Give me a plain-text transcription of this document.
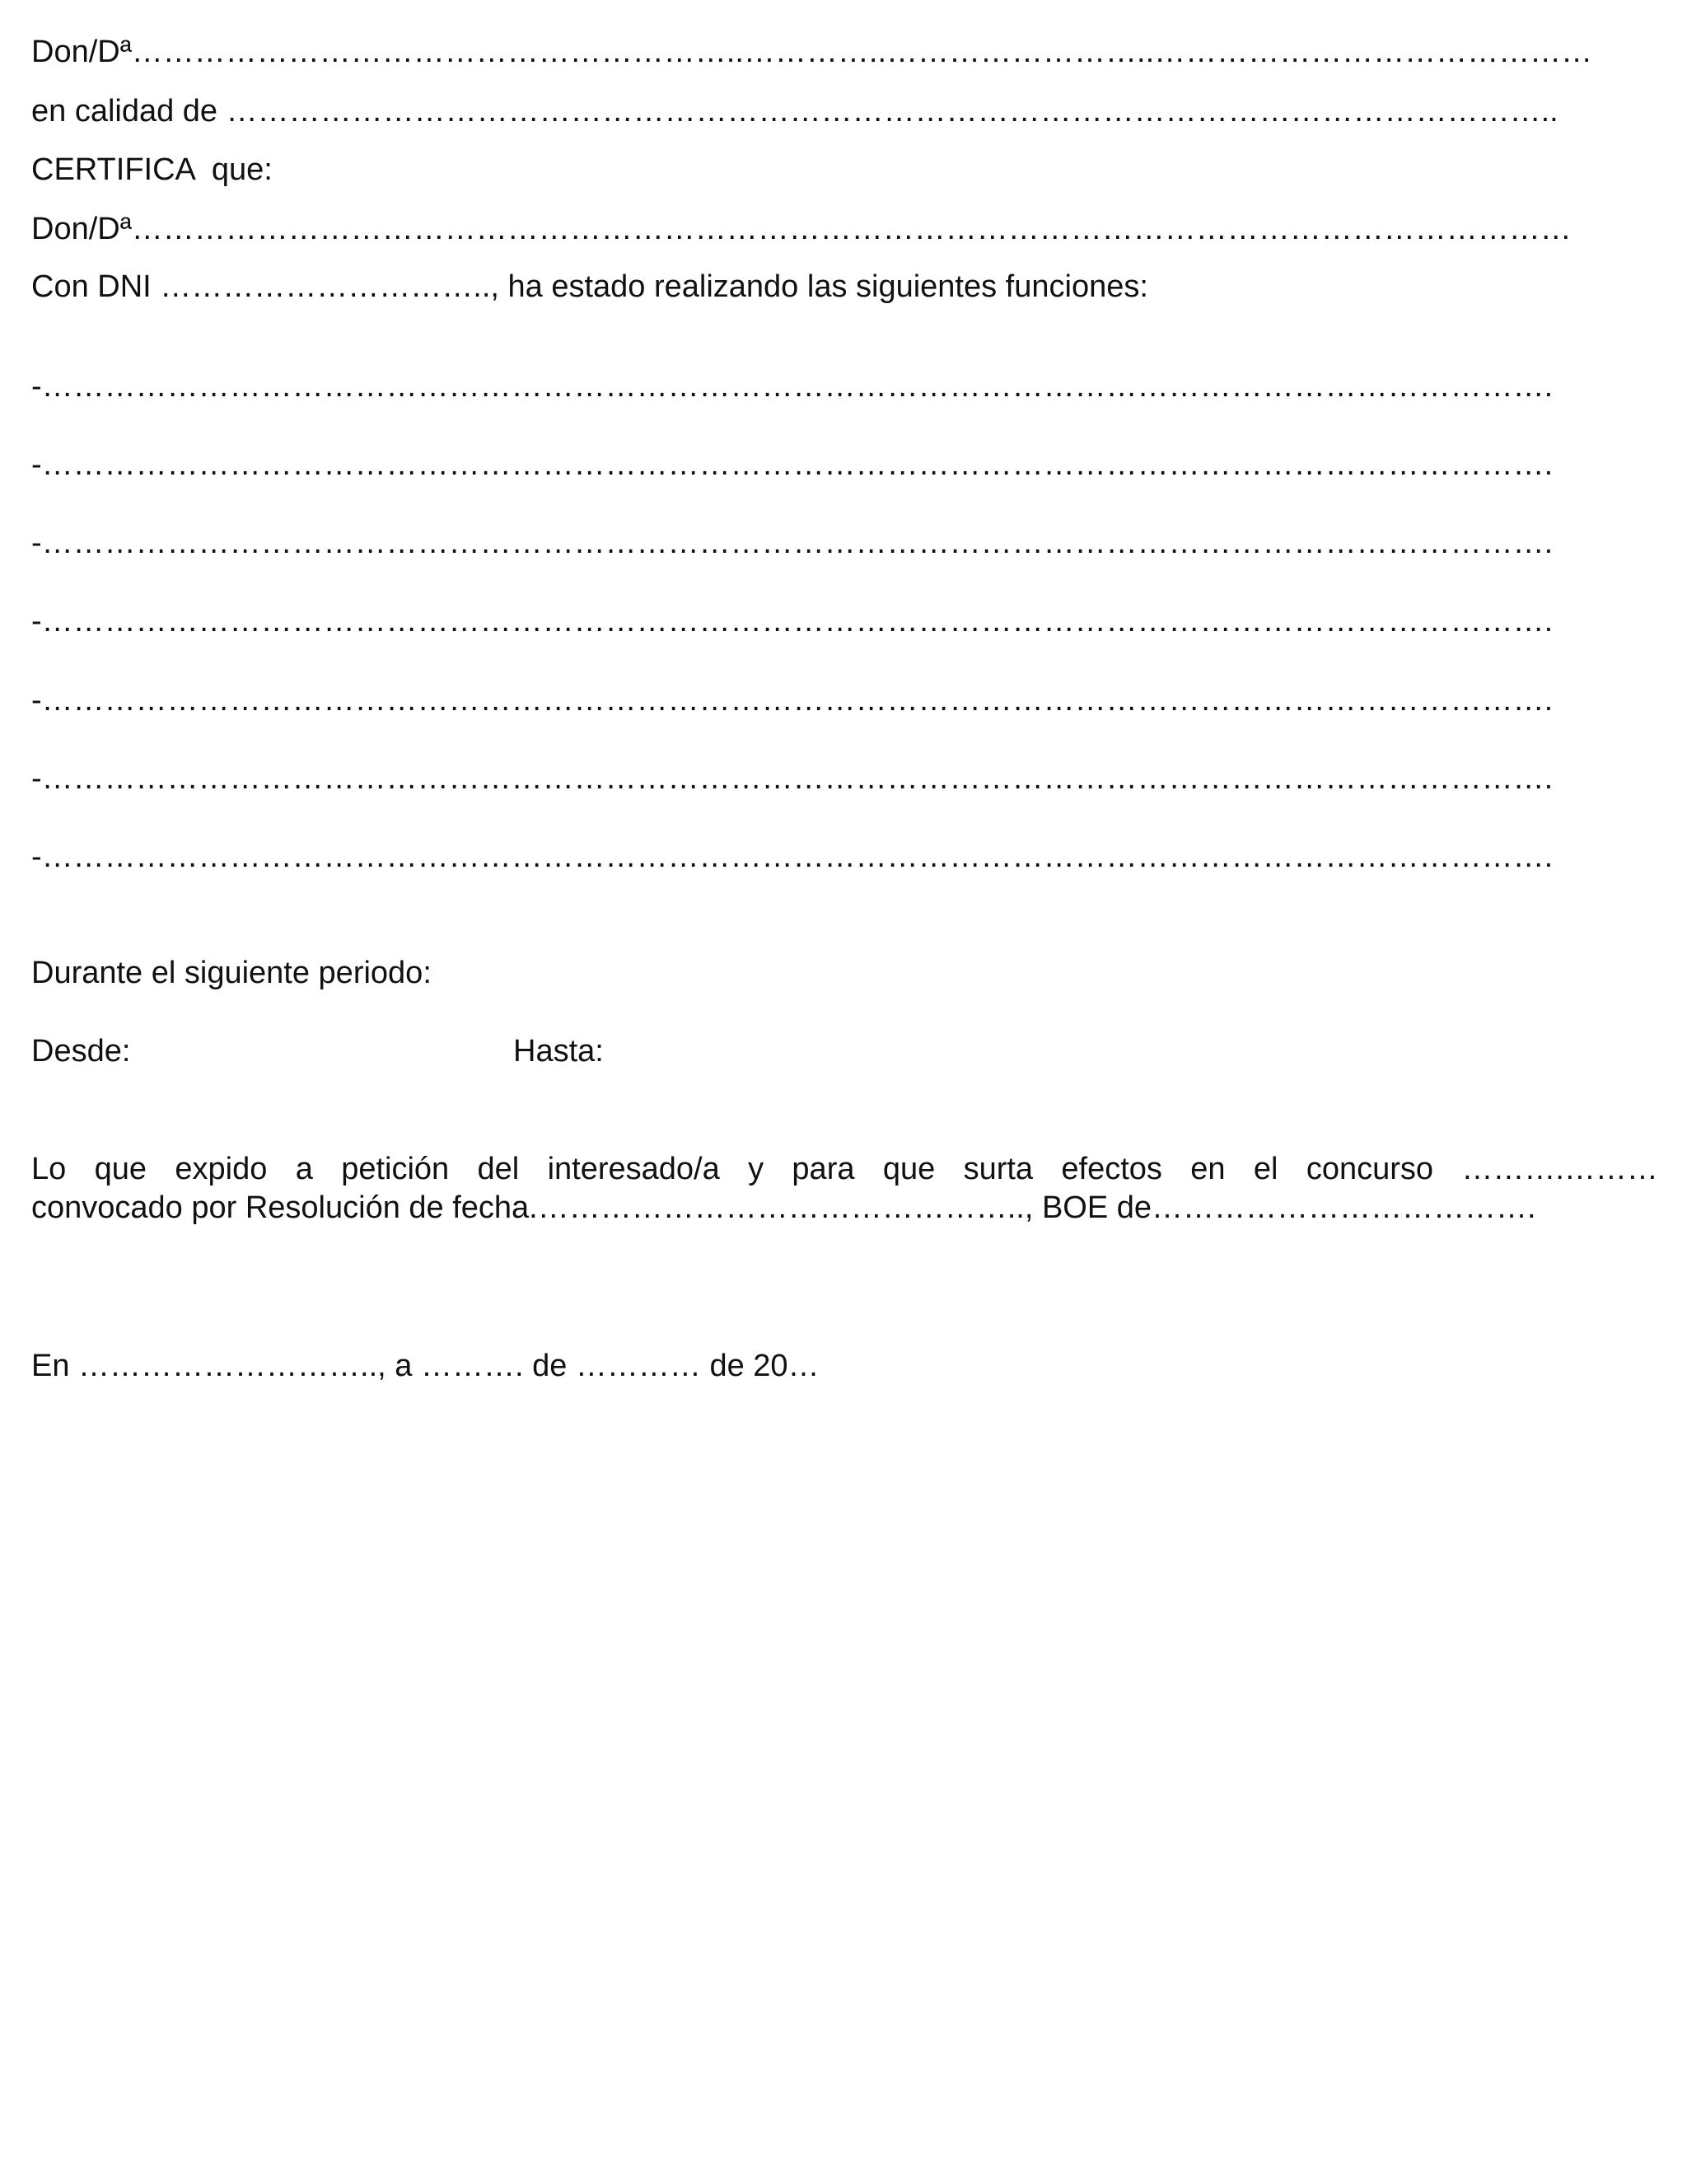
Don/Dª…………………………………………………..…………..……………………..……………………………………
en calidad de ………………………………………………………………………………………………………………..
CERTIFICA  que:
Don/Dª…………………………………………………………………………………………………………………………
Con DNI ………………………….., ha estado realizando las siguientes funciones:
-……………………………………………………………………………………………………………………………….
-……………………………………………………………………………………………………………………………….
-……………………………………………………………………………………………………………………………….
-……………………………………………………………………………………………………………………………….
-……………………………………………………………………………………………………………………………….
-……………………………………………………………………………………………………………………………….
-……………………………………………………………………………………………………………………………….
Durante el siguiente periodo:
Desde:	Hasta:
Lo que expido a petición del interesado/a y para que surta efectos en el concurso ……….………
convocado por Resolución de fecha.……………………………………….., BOE de……………………………….
En ……………………….., a ………. de ………… de 20…
